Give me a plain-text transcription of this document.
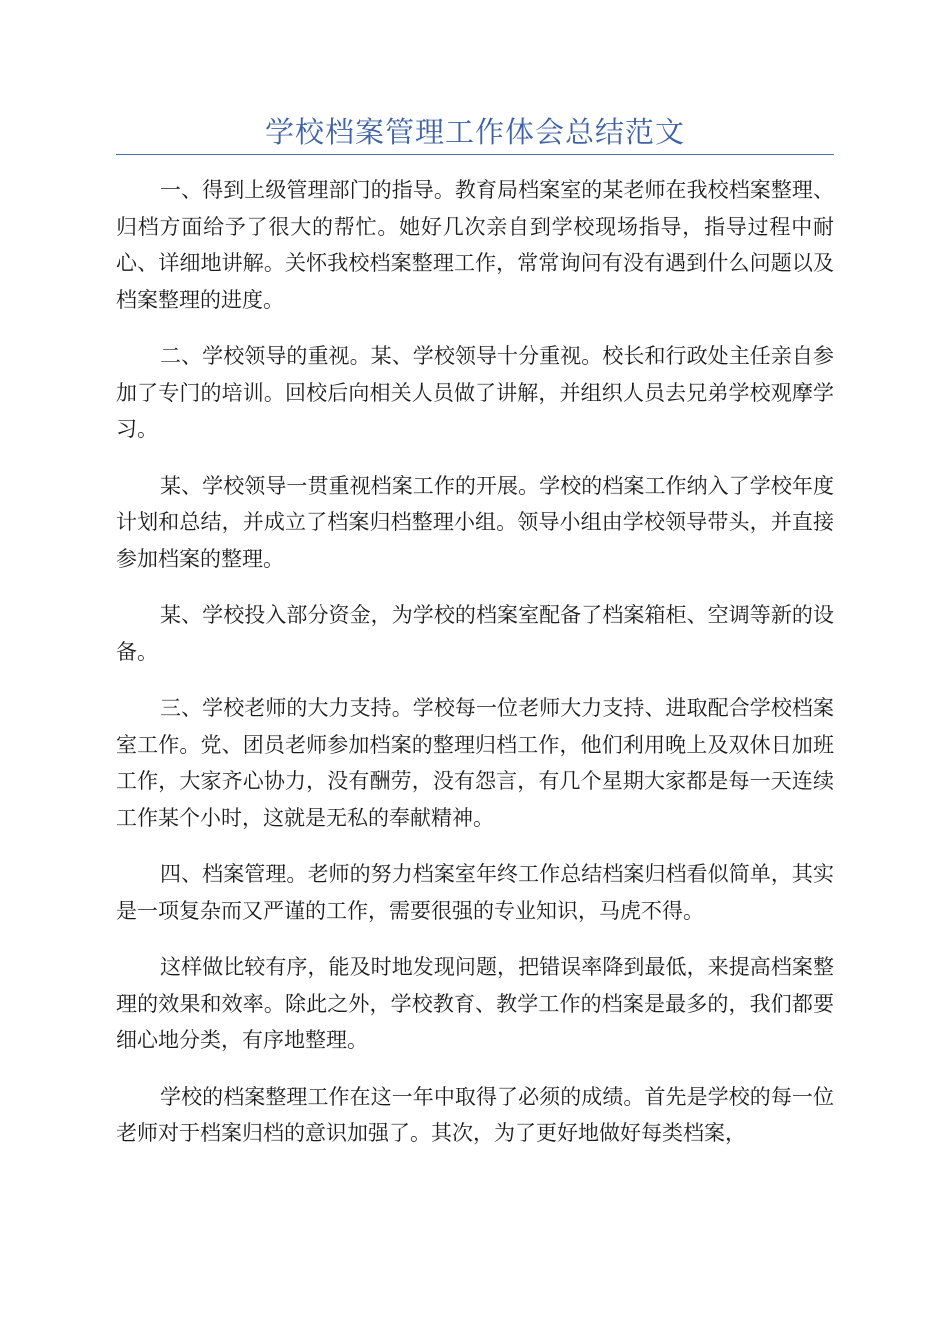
学校档案管理工作体会总结范文

一、得到上级管理部门的指导。教育局档案室的某老师在我校档案整理、归档方面给予了很大的帮忙。她好几次亲自到学校现场指导，指导过程中耐心、详细地讲解。关怀我校档案整理工作，常常询问有没有遇到什么问题以及档案整理的进度。

二、学校领导的重视。某、学校领导十分重视。校长和行政处主任亲自参加了专门的培训。回校后向相关人员做了讲解，并组织人员去兄弟学校观摩学习。

某、学校领导一贯重视档案工作的开展。学校的档案工作纳入了学校年度计划和总结，并成立了档案归档整理小组。领导小组由学校领导带头，并直接参加档案的整理。

某、学校投入部分资金，为学校的档案室配备了档案箱柜、空调等新的设备。

三、学校老师的大力支持。学校每一位老师大力支持、进取配合学校档案室工作。党、团员老师参加档案的整理归档工作，他们利用晚上及双休日加班工作，大家齐心协力，没有酬劳，没有怨言，有几个星期大家都是每一天连续工作某个小时，这就是无私的奉献精神。

四、档案管理。老师的努力档案室年终工作总结档案归档看似简单，其实是一项复杂而又严谨的工作，需要很强的专业知识，马虎不得。

这样做比较有序，能及时地发现问题，把错误率降到最低，来提高档案整理的效果和效率。除此之外，学校教育、教学工作的档案是最多的，我们都要细心地分类，有序地整理。

学校的档案整理工作在这一年中取得了必须的成绩。首先是学校的每一位老师对于档案归档的意识加强了。其次，为了更好地做好每类档案，
